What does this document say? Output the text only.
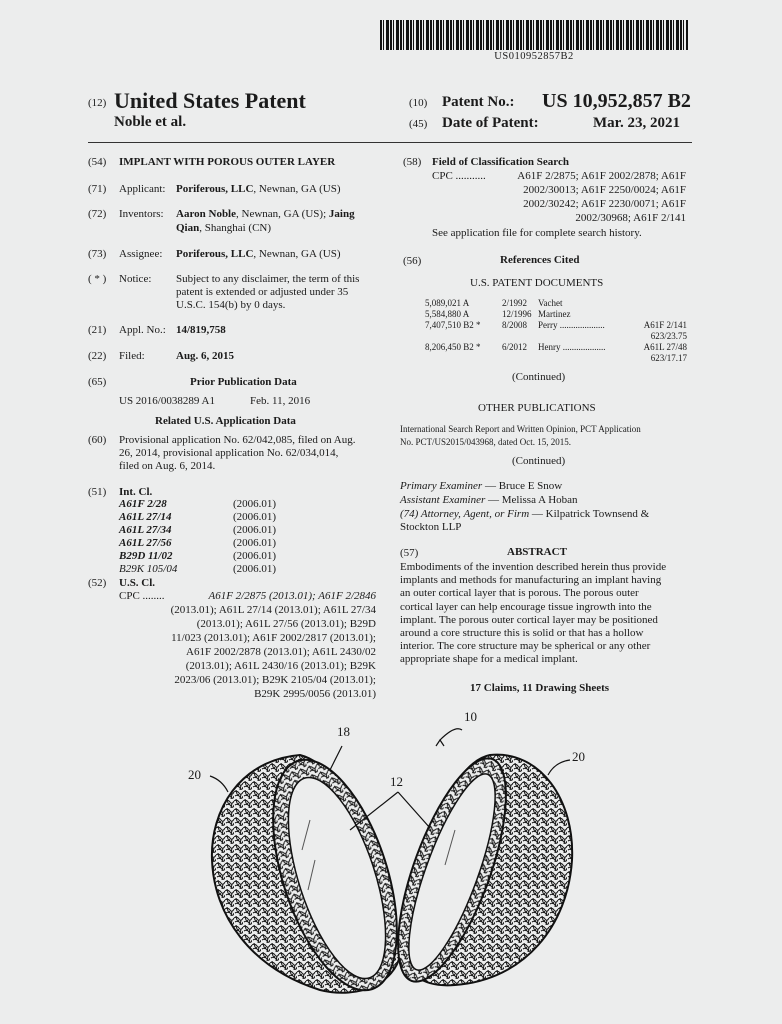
US010952857B2
(12) United States Patent
Noble et al.
(10) Patent No.: US 10,952,857 B2
(45) Date of Patent:	Mar. 23, 2021
(54) IMPLANT WITH POROUS OUTER LAYER
(71) Applicant: Poriferous, LLC, Newnan, GA (US)
(72) Inventors: Aaron Noble, Newnan, GA (US); Jaing
Qian, Shanghai (CN)
(73) Assignee: Poriferous, LLC, Newnan, GA (US)
( * ) Notice: Subject to any disclaimer, the term of this
patent is extended or adjusted under 35
U.S.C. 154(b) by 0 days.
(21) Appl. No.: 14/819,758
(22) Filed:	Aug. 6, 2015
(65)	Prior Publication Data
US 2016/0038289 A1	Feb. 11, 2016
Related U.S. Application Data
(60) Provisional application No. 62/042,085, filed on Aug.
26, 2014, provisional application No. 62/034,014,
filed on Aug. 6, 2014.
(51) Int. Cl.
A61F 2/28	(2006.01)
A61L 27/14	(2006.01)
A61L 27/34	(2006.01)
A61L 27/56	(2006.01)
B29D 11/02	(2006.01)
B29K 105/04	(2006.01)
(52) U.S. Cl.
CPC ........	A61F 2/2875 (2013.01); A61F 2/2846
(2013.01); A61L 27/14 (2013.01); A61L 27/34
(2013.01); A61L 27/56 (2013.01); B29D
11/023 (2013.01); A61F 2002/2817 (2013.01);
A61F 2002/2878 (2013.01); A61L 2430/02
(2013.01); A61L 2430/16 (2013.01); B29K
2023/06 (2013.01); B29K 2105/04 (2013.01);
B29K 2995/0056 (2013.01)
(58) Field of Classification Search
CPC ...........	A61F 2/2875; A61F 2002/2878; A61F
2002/30013; A61F 2250/0024; A61F
2002/30242; A61F 2230/0071; A61F
2002/30968; A61F 2/141
See application file for complete search history.
(56)	References Cited
U.S. PATENT DOCUMENTS
5,089,021 A	2/1992	Vachet
5,584,880 A	12/1996 Martinez
7,407,510 B2 *	8/2008	Perry ....................	A61F 2/141
623/23.75
8,206,450 B2 *	6/2012	Henry ...................	A61L 27/48
623/17.17
(Continued)
OTHER PUBLICATIONS
International Search Report and Written Opinion, PCT Application
No. PCT/US2015/043968, dated Oct. 15, 2015.
(Continued)
Primary Examiner — Bruce E Snow
Assistant Examiner — Melissa A Hoban
(74) Attorney, Agent, or Firm — Kilpatrick Townsend &
Stockton LLP
(57)	ABSTRACT
Embodiments of the invention described herein thus provide
implants and methods for manufacturing an implant having
an outer cortical layer that is porous. The porous outer
cortical layer can help encourage tissue ingrowth into the
implant. The porous outer cortical layer may be positioned
around a core structure this is solid or that has a hollow
interior. The core structure may be spherical or any other
appropriate shape for a medical implant.
17 Claims, 11 Drawing Sheets
10
18
20
20
12
